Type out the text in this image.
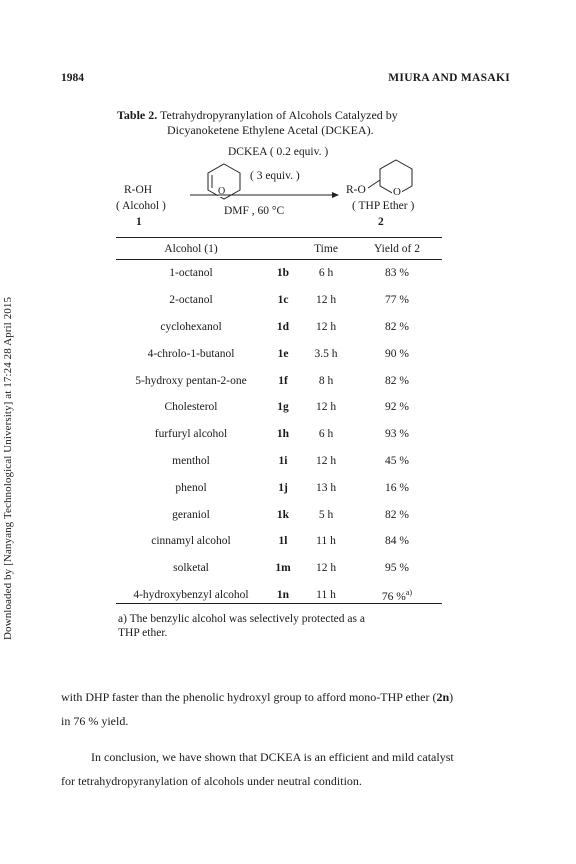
Downloaded by [Nanyang Technological University] at 17:24 28 April 2015
1984	MIURA AND MASAKI
Table 2. Tetrahydropyranylation of Alcohols Catalyzed by
Dicyanoketene Ethylene Acetal (DCKEA).
DCKEA ( 0.2 equiv. )
O
( 3 equiv. )
R-OH
( Alcohol )
1
DMF , 60 °C
R-O O
( THP Ether )
2
Alcohol (1)		Time	Yield of 2
1-octanol	1b	6 h	83 %
2-octanol	1c	12 h	77 %
cyclohexanol	1d	12 h	82 %
4-chrolo-1-butanol	1e	3.5 h	90 %
5-hydroxy pentan-2-one	1f	8 h	82 %
Cholesterol	1g	12 h	92 %
furfuryl alcohol	1h	6 h	93 %
menthol	1i	12 h	45 %
phenol	1j	13 h	16 %
geraniol	1k	5 h	82 %
cinnamyl alcohol	1l	11 h	84 %
solketal	1m	12 h	95 %
4-hydroxybenzyl alcohol	1n	11 h	76 %$^{a)}$
a) The benzylic alcohol was selectively protected as a
THP ether.
with DHP faster than the phenolic hydroxyl group to afford mono-THP ether (2n)
in 76 % yield.
In conclusion, we have shown that DCKEA is an efficient and mild catalyst
for tetrahydropyranylation of alcohols under neutral condition.
